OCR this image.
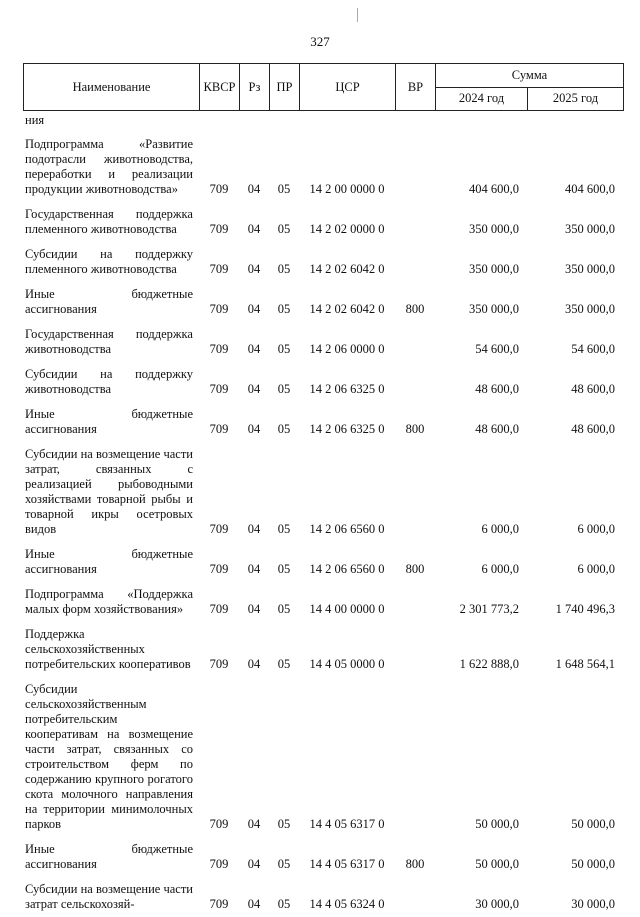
327
Наименование	КВСР	Рз	ПР	ЦСР	ВР	Сумма	
						2024 год	2025 год
ния							
Подпрограмма «Развитие подотрасли животноводства, переработки и реализации продукции животноводства»	709	04	05	14 2 00 0000 0		404 600,0	404 600,0
Государственная поддержка племенного животноводства	709	04	05	14 2 02 0000 0		350 000,0	350 000,0
Субсидии на поддержку племенного животноводства	709	04	05	14 2 02 6042 0		350 000,0	350 000,0
Иные бюджетные ассигнования	709	04	05	14 2 02 6042 0	800	350 000,0	350 000,0
Государственная поддержка животноводства	709	04	05	14 2 06 0000 0		54 600,0	54 600,0
Субсидии на поддержку животноводства	709	04	05	14 2 06 6325 0		48 600,0	48 600,0
Иные бюджетные ассигнования	709	04	05	14 2 06 6325 0	800	48 600,0	48 600,0
Субсидии на возмещение части затрат, связанных с реализацией рыбоводными хозяйствами товарной рыбы и товарной икры осетровых видов	709	04	05	14 2 06 6560 0		6 000,0	6 000,0
Иные бюджетные ассигнования	709	04	05	14 2 06 6560 0	800	6 000,0	6 000,0
Подпрограмма «Поддержка малых форм хозяйствования»	709	04	05	14 4 00 0000 0		2 301 773,2	1 740 496,3
Поддержка сельскохозяйственных потребительских кооперативов	709	04	05	14 4 05 0000 0		1 622 888,0	1 648 564,1
Субсидии сельскохозяйственным потребительским кооперативам на возмещение части затрат, связанных со строительством ферм по содержанию крупного рогатого скота молочного направления на территории минимолочных парков	709	04	05	14 4 05 6317 0		50 000,0	50 000,0
Иные бюджетные ассигнования	709	04	05	14 4 05 6317 0	800	50 000,0	50 000,0
Субсидии на возмещение части затрат сельскохозяй-	709	04	05	14 4 05 6324 0		30 000,0	30 000,0
